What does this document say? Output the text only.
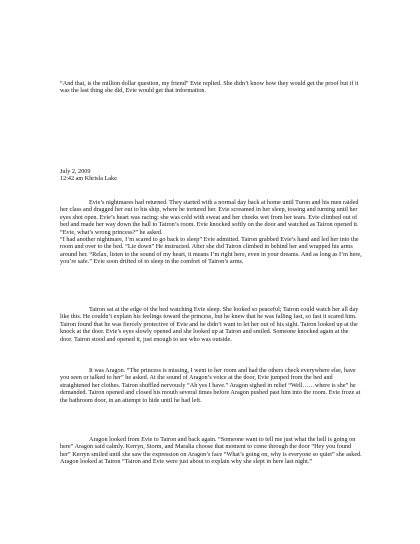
“And that, is the million dollar question, my friend” Evie replied. She didn’t know how they would get the proof but if it was the last thing she did, Evie would get that information.

July 2, 2009

12:42 am Khrisla Lake

Evie’s nightmares had returned. They started with a normal day back at home until Turon and his men raided her class and dragged her out to his ship, where he tortured her. Evie screamed in her sleep, tossing and turning until her eyes shot open. Evie’s heart was racing; she was cold with sweat and her cheeks wet from her tears. Evie climbed out of bed and made her way down the hall to Tairon’s room. Evie knocked softly on the door and watched as Tairon opened it. “Evie, what’s wrong princess?” he asked.

“I had another nightmare, I’m scared to go back to sleep” Evie admitted. Tairon grabbed Evie’s hand and led her into the room and over to the bed. “Lie down” He instructed. After she did Tairon climbed in behind her and wrapped his arms around her. “Relax, listen to the sound of my heart, it means I’m right here, even in your dreams. And as long as I’m here, you’re safe.” Evie soon drifted of to sleep in the comfort of Tairon’s arms.

Tairon sat at the edge of the bed watching Evie sleep. She looked so peaceful; Tairon could watch her all day like this. He couldn’t explain his feelings toward the princess, but he knew that he was falling fast, so fast it scared him. Tairon found that he was fiercely protective of Evie and he didn’t want to let her out of his sight. Tairon looked up at the knock at the door. Evie’s eyes slowly opened and she looked up at Tairon and smiled. Someone knocked again at the door. Tairon stood and opened it, just enough to see who was outside.

It was Aragon. “The princess is missing, I went to her room and had the others check everywhere else, have you seen or talked to her” he asked. At the sound of Aragon’s voice at the door, Evie jumped from the bed and straightened her clothes. Tairon shuffled nervously “Ah yes I have.” Aragon sighed in relief “Well……where is she” he demanded. Tairon opened and closed his mouth several times before Aragon pushed past him into the room. Evie froze at the bathroom door, in an attempt to hide until he had left.

Aragon looked from Evie to Tairon and back again. “Someone want to tell me just what the hell is going on here” Aragon said calmly. Kerryn, Storm, and Maralia choose that moment to come through the door “Hey you found her” Kerryn smiled until she saw the expression on Aragon’s face “What’s going on, why is everyone so quiet” she asked. Aragon looked at Tairon “Tairon and Evie were just about to explain why she slept in here last night.”
